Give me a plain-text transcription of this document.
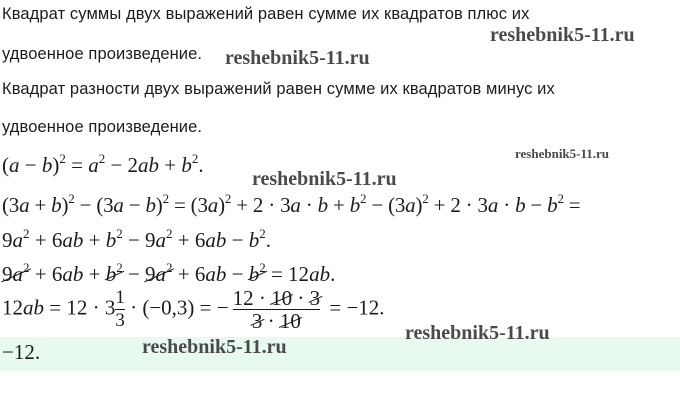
Квадрат суммы двух выражений равен сумме их квадратов плюс их
удвоенное произведение.
Квадрат разности двух выражений равен сумме их квадратов минус их
удвоенное произведение.
$(a - b)^2 = a^2 - 2ab + b^2$.
$(3a + b)^2 - (3a - b)^2 = (3a)^2 + 2 \cdot 3a \cdot b + b^2 - (3a)^2 + 2 \cdot 3a \cdot b - b^2$ =
$9a^2 + 6ab + b^2 - 9a^2 + 6ab - b^2$.
$9a^2 + 6ab + b^2 - 9a^2 + 6ab - b^2 = 12ab$.
$12ab = 12 \cdot 3 \frac{1}{3} \cdot (-0,3)$ = − $\frac{12 \cdot 10 \cdot 3}{3 \cdot 10} = -12$.
−12.
reshebnik5-11.ru
reshebnik5-11.ru
reshebnik5-11.ru
reshebnik5-11.ru
reshebnik5-11.ru
reshebnik5-11.ru
